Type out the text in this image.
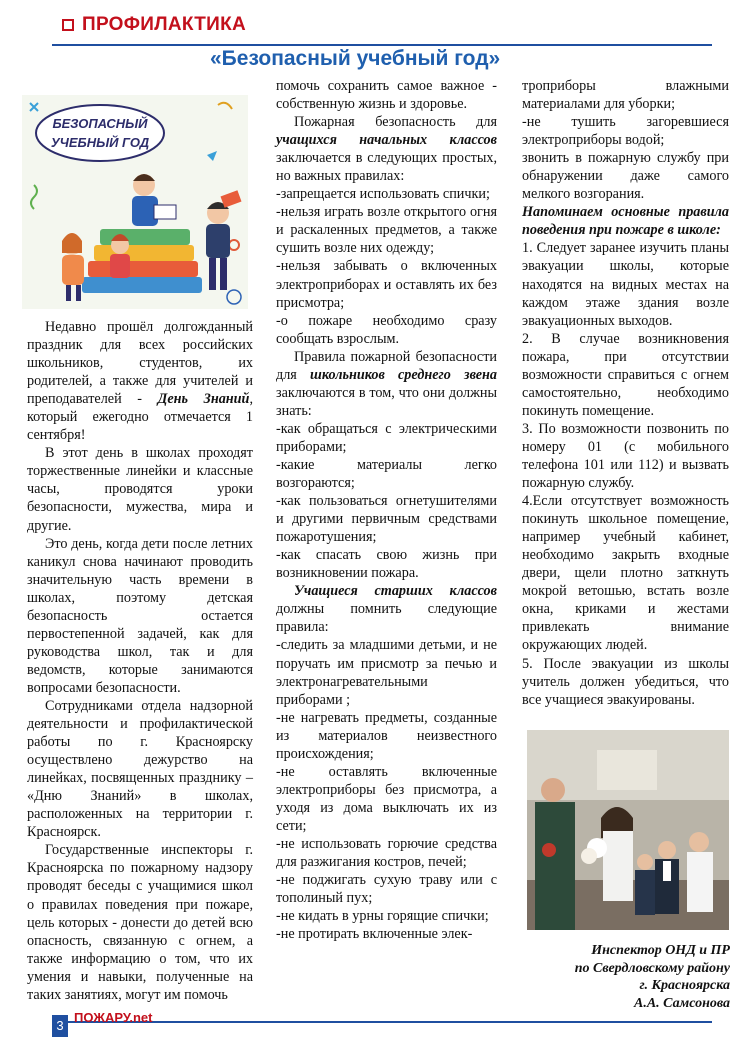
ПРОФИЛАКТИКА
«Безопасный учебный год»
БЕЗОПАСНЫЙ
УЧЕБНЫЙ ГОД

Недавно прошёл долгожданный праздник для всех российских школьников, студентов, их родителей, а также для учителей и преподавателей - День Знаний, который ежегодно отмечается 1 сентября!

В этот день в школах проходят торжественные линейки и классные часы, проводятся уроки безопасности, мужества, мира и другие.

Это день, когда дети после летних каникул снова начинают проводить значительную часть времени в школах, поэтому детская безопасность остается первостепенной задачей, как для руководства школ, так и для ведомств, которые занимаются вопросами безопасности.

Сотрудниками отдела надзорной деятельности и профилактической работы по г. Красноярску осуществлено дежурство на линейках, посвященных празднику – «Дню Знаний» в школах, расположенных на территории г. Красноярск.

Государственные инспекторы г. Красноярска по пожарному надзору проводят беседы с учащимися школ о правилах поведения при пожаре, цель которых - донести до детей всю опасность, связанную с огнем, а также информацию о том, что их умения и навыки, полученные на таких занятиях, могут им помочь

помочь сохранить самое важное - собственную жизнь и здоровье.

Пожарная безопасность для учащихся начальных классов заключается в следующих простых, но важных правилах:

-запрещается использовать спички;

-нельзя играть возле открытого огня и раскаленных предметов, а также сушить возле них одежду;

-нельзя забывать о включенных электроприборах и оставлять их без присмотра;

-о пожаре необходимо сразу сообщать взрослым.

Правила пожарной безопасности для школьников среднего звена заключаются в том, что они должны знать:

-как обращаться с электрическими приборами;

-какие материалы легко возгораются;

-как пользоваться огнетушителями и другими первичным средствами пожаротушения;

-как спасать свою жизнь при возникновении пожара.

Учащиеся старших классов должны помнить следующие правила:

-следить за младшими детьми, и не поручать им присмотр за печью и электронагревательными приборами ;

-не нагревать предметы, созданные из материалов неизвестного происхождения;

-не оставлять включенные электроприборы без присмотра, а уходя из дома выключать их из сети;

-не использовать горючие средства для разжигания костров, печей;

-не поджигать сухую траву или с тополиный пух;

-не кидать в урны горящие спички;

-не протирать включенные элек-

троприборы влажными материалами для уборки;

-не тушить загоревшиеся электроприборы водой;

звонить в пожарную службу при обнаружении даже самого мелкого возгорания.

Напоминаем основные правила поведения при пожаре в школе:

1. Следует заранее изучить планы эвакуации школы, которые находятся на видных местах на каждом этаже здания возле эвакуационных выходов.

2. В случае возникновения пожара, при отсутствии возможности справиться с огнем самостоятельно, необходимо покинуть помещение.

3. По возможности позвонить по номеру 01 (с мобильного телефона 101 или 112) и вызвать пожарную службу.

4.Если отсутствует возможность покинуть школьное помещение, например учебный кабинет, необходимо закрыть входные двери, щели плотно заткнуть мокрой ветошью, встать возле окна, криками и жестами привлекать внимание окружающих людей.

5. После эвакуации из школы учитель должен убедиться, что все учащиеся эвакуированы.

Инспектор ОНД и ПР
по Свердловскому району
г. Красноярска
А.А. Самсонова
3
ПОЖАРУ.net
